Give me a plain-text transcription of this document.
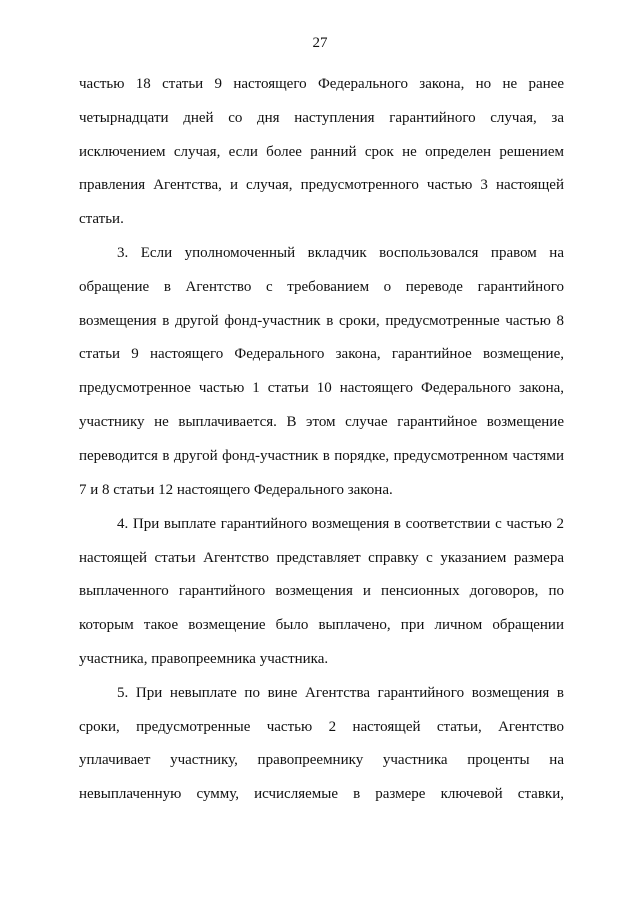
27
частью 18 статьи 9 настоящего Федерального закона, но не ранее
четырнадцати дней со дня наступления гарантийного случая, за
исключением случая, если более ранний срок не определен решением
правления Агентства, и случая, предусмотренного частью 3 настоящей
статьи.
3. Если уполномоченный вкладчик воспользовался правом на
обращение в Агентство с требованием о переводе гарантийного
возмещения в другой фонд-участник в сроки, предусмотренные частью 8
статьи 9 настоящего Федерального закона, гарантийное возмещение,
предусмотренное частью 1 статьи 10 настоящего Федерального закона,
участнику не выплачивается. В этом случае гарантийное возмещение
переводится в другой фонд-участник в порядке, предусмотренном частями
7 и 8 статьи 12 настоящего Федерального закона.
4. При выплате гарантийного возмещения в соответствии с частью 2
настоящей статьи Агентство представляет справку с указанием размера
выплаченного гарантийного возмещения и пенсионных договоров, по
которым такое возмещение было выплачено, при личном обращении
участника, правопреемника участника.
5. При невыплате по вине Агентства гарантийного возмещения в
сроки, предусмотренные частью 2 настоящей статьи, Агентство
уплачивает участнику, правопреемнику участника проценты на
невыплаченную сумму, исчисляемые в размере ключевой ставки,
